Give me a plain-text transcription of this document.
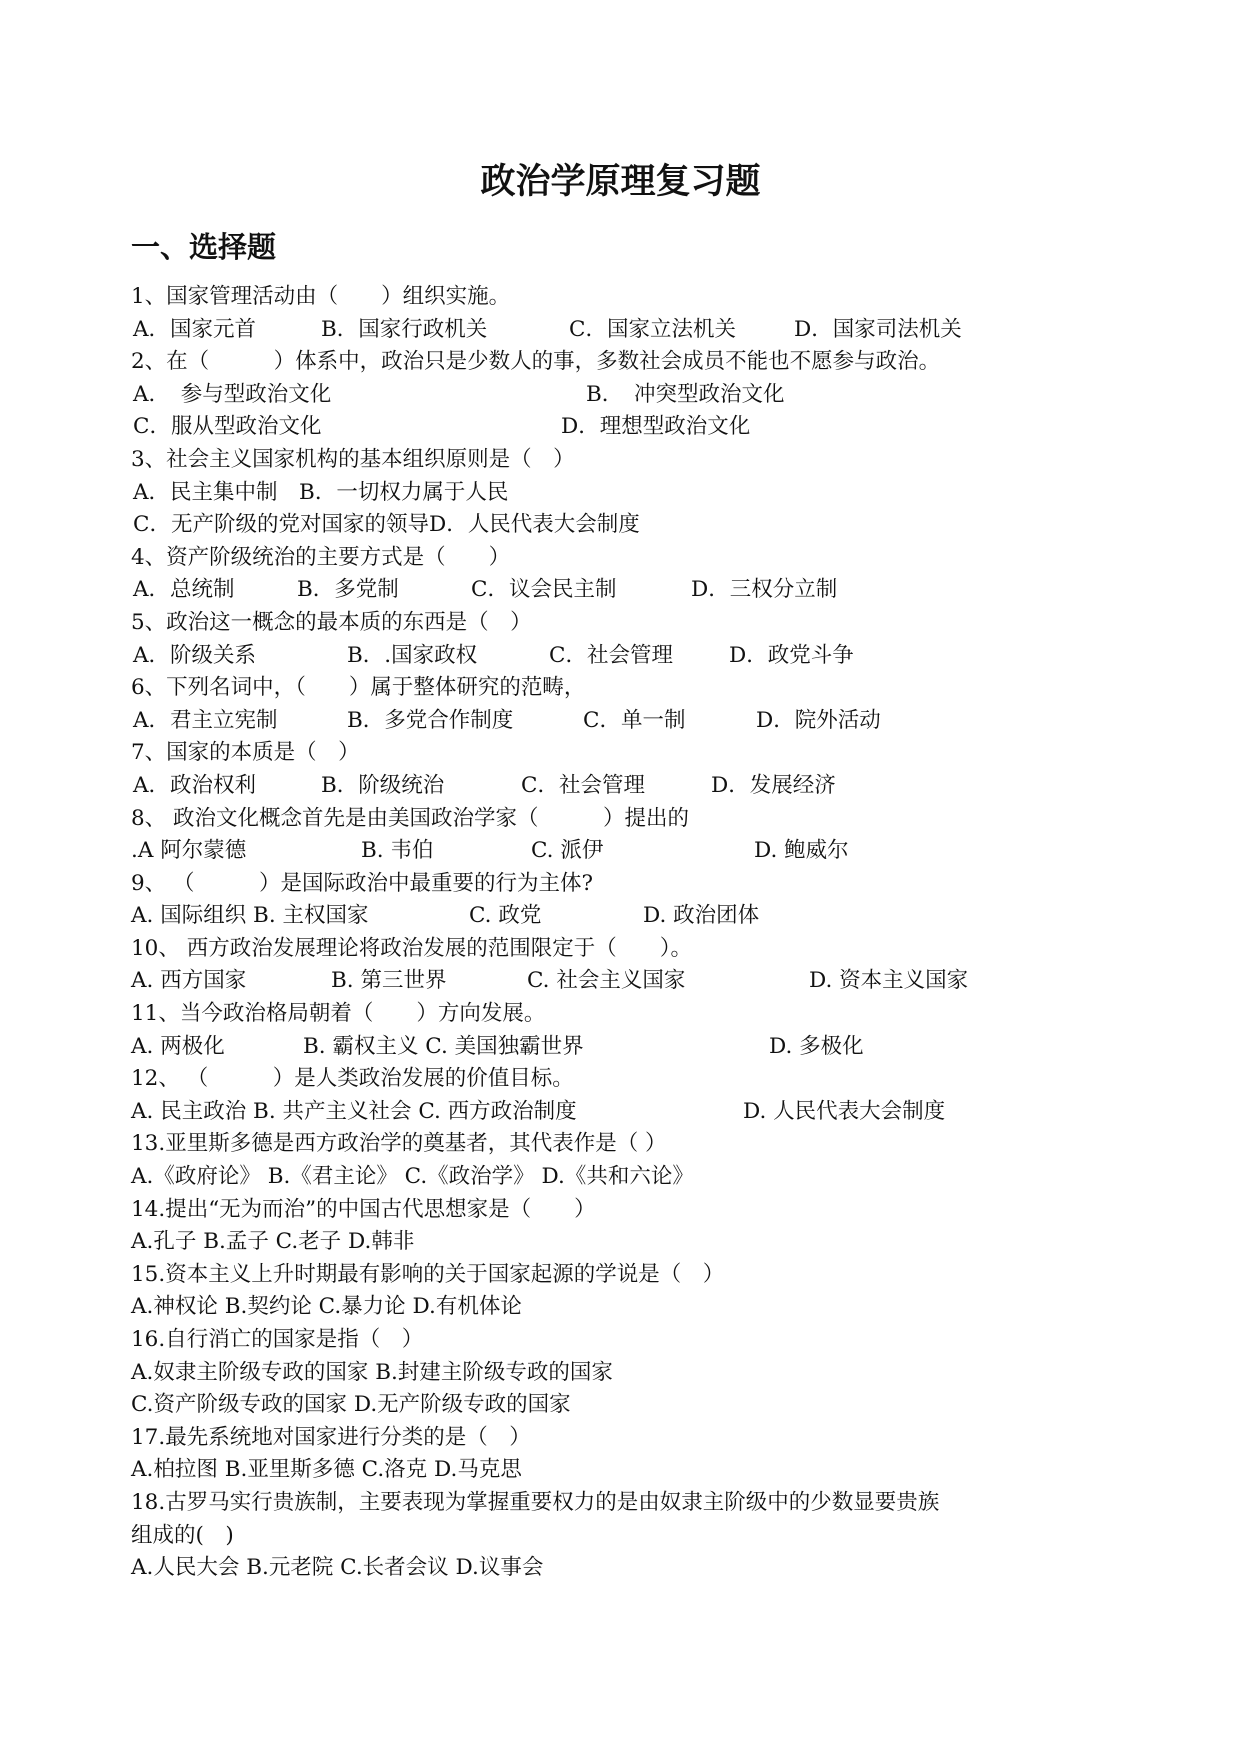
政治学原理复习题
一、选择题
1、国家管理活动由（　　）组织实施。
A．国家元首	B．国家行政机关	C．国家立法机关	D．国家司法机关
2、在（　　　）体系中，政治只是少数人的事，多数社会成员不能也不愿参与政治。
A．　参与型政治文化	B．　冲突型政治文化
C．服从型政治文化	D．理想型政治文化
3、社会主义国家机构的基本组织原则是（　）
A．民主集中制　B．一切权力属于人民
C．无产阶级的党对国家的领导D．人民代表大会制度
4、资产阶级统治的主要方式是（　　）
A．总统制	B．多党制	C．议会民主制	D．三权分立制
5、政治这一概念的最本质的东西是（　）
A．阶级关系	B．.国家政权	C．社会管理	D．政党斗争
6、下列名词中，（　　）属于整体研究的范畴，
A．君主立宪制	B．多党合作制度	C．单一制	D．院外活动
7、国家的本质是（　）
A．政治权利	B．阶级统治	C．社会管理	D．发展经济
8、 政治文化概念首先是由美国政治学家（　　　）提出的
.A 阿尔蒙德	B. 韦伯	C. 派伊	D. 鲍威尔
9、 （　　　）是国际政治中最重要的行为主体?
A. 国际组织 B. 主权国家	C. 政党	D. 政治团体
10、 西方政治发展理论将政治发展的范围限定于（　　）。
A. 西方国家	B. 第三世界	C. 社会主义国家	D. 资本主义国家
11、当今政治格局朝着（　　）方向发展。
A. 两极化	B. 霸权主义 C. 美国独霸世界	D. 多极化
12、 （　　　）是人类政治发展的价值目标。
A. 民主政治 B. 共产主义社会 C. 西方政治制度	D. 人民代表大会制度
13.亚里斯多德是西方政治学的奠基者，其代表作是（ ）
A.《政府论》 B.《君主论》 C.《政治学》 D.《共和六论》
14.提出“无为而治”的中国古代思想家是（　　）
A.孔子 B.孟子 C.老子 D.韩非
15.资本主义上升时期最有影响的关于国家起源的学说是（　）
A.神权论 B.契约论 C.暴力论 D.有机体论
16.自行消亡的国家是指（　）
A.奴隶主阶级专政的国家 B.封建主阶级专政的国家
C.资产阶级专政的国家 D.无产阶级专政的国家
17.最先系统地对国家进行分类的是（　）
A.柏拉图 B.亚里斯多德 C.洛克 D.马克思
18.古罗马实行贵族制，主要表现为掌握重要权力的是由奴隶主阶级中的少数显要贵族
组成的(　)
A.人民大会 B.元老院 C.长者会议 D.议事会
